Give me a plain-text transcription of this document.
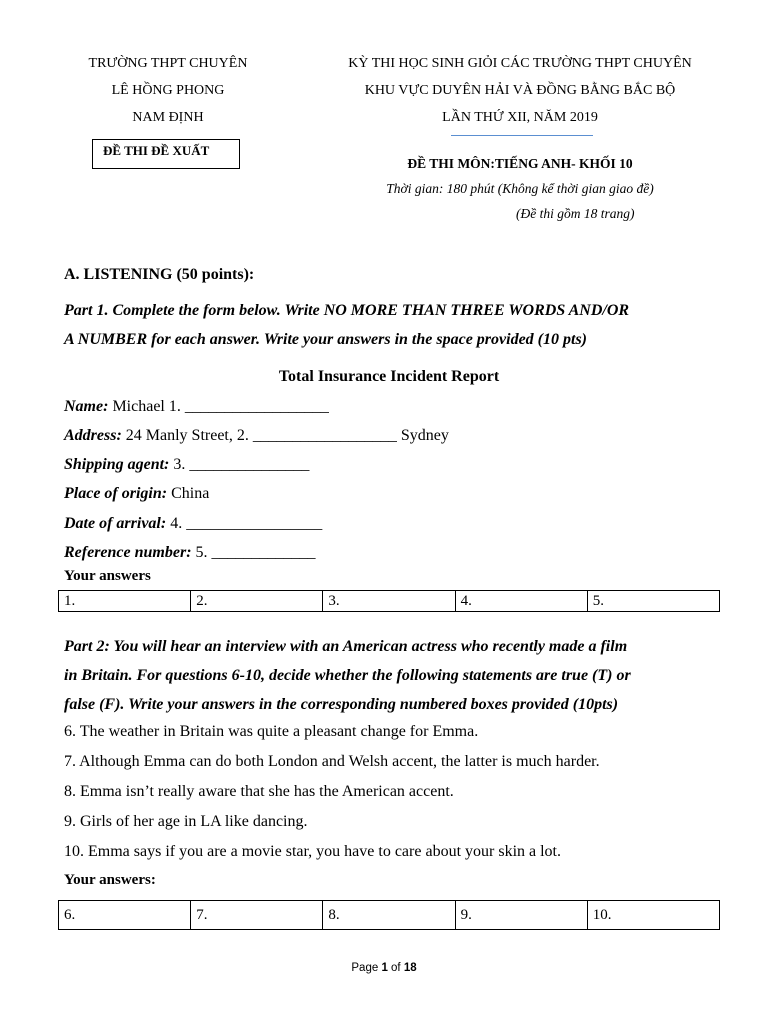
TRƯỜNG THPT CHUYÊN
LÊ HỒNG PHONG
NAM ĐỊNH
ĐỀ THI ĐỀ XUẤT
KỲ THI HỌC SINH GIỎI CÁC TRƯỜNG THPT CHUYÊN
KHU VỰC DUYÊN HẢI VÀ ĐỒNG BẰNG BẮC BỘ
LẦN THỨ XII, NĂM 2019
ĐỀ THI MÔN:TIẾNG ANH- KHỐI 10
Thời gian: 180 phút (Không kể thời gian giao đề)
(Đề thi gồm 18 trang)
A. LISTENING (50 points):
Part 1. Complete the form below. Write NO MORE THAN THREE WORDS AND/OR
A NUMBER for each answer. Write your answers in the space provided (10 pts)
Total Insurance Incident Report
Name: Michael 1. __________________
Address: 24 Manly Street, 2. __________________ Sydney
Shipping agent: 3. _______________
Place of origin: China
Date of arrival: 4. _________________
Reference number: 5. _____________
Your answers
1.	2.	3.	4.	5.
Part 2: You will hear an interview with an American actress who recently made a film
in Britain. For questions 6-10, decide whether the following statements are true (T) or
false (F). Write your answers in the corresponding numbered boxes provided (10pts)
6. The weather in Britain was quite a pleasant change for Emma.
7. Although Emma can do both London and Welsh accent, the latter is much harder.
8. Emma isn’t really aware that she has the American accent.
9. Girls of her age in LA like dancing.
10. Emma says if you are a movie star, you have to care about your skin a lot.
Your answers:
6.	7.	8.	9.	10.
Page 1 of 18
